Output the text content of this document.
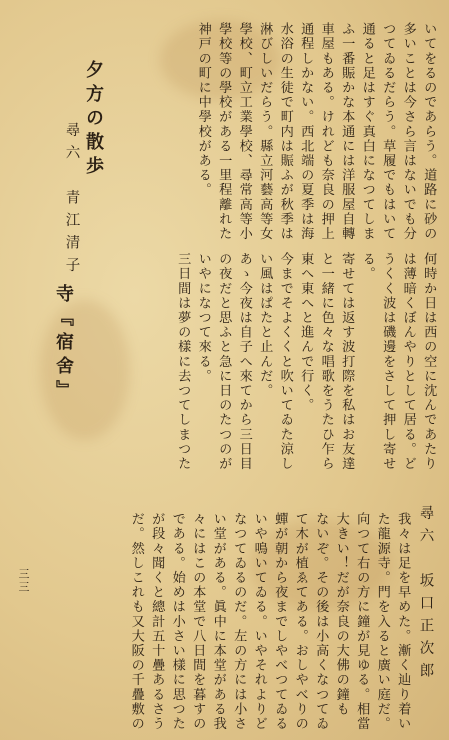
いてをるのであらう。道路に砂の
多いことは今さら言はないでも分
つてゐるだらう。草履でもはいて
通ると足はすぐ真白になつてしま
ふ一番賑かな本通には洋服屋自轉
車屋もある。けれども奈良の押上
通程しかない。西北端の夏季は海
水浴の生徒で町内は賑ふが秋季は
淋びしいだらう。縣立河藝高等女
學校、町立工業學校、尋常高等小
學校等の學校がある一里程離れた
神戸の町に中學校がある。
夕方の散歩
尋六　青江清子
何時か日は西の空に沈んであたり
は薄暗くぼんやりとして居る。ど
うくく波は磯邊をさして押し寄せ
る。
寄せては返す波打際を私はお友達
と一緒に色々な唱歌をうたひ乍ら
東へ東へと進んで行く。
今までそよくくと吹いてゐた涼し
い風はぱたと止んだ。
あゝ今夜は自子へ來てから三日目
の夜だと思ふと急に日のたつのが
いやになつて來る。
三日間は夢の樣に去つてしまつた
寺『宿舍』
尋六　坂口正次郎
我々は足を早めた。漸く辿り着い
た龍源寺。門を入ると廣い庭だ。
向つて右の方に鐘が見ゆる。相當
大きい！だが奈良の大佛の鐘も
ないぞ。その後は小高くなつてゐ
て木が植ゑてある。おしやべりの
蟬が朝から夜までしやべつてゐる
いや鳴いてゐる。いやそれよりど
なつてゐるのだ。左の方には小さ
い堂がある。眞中に本堂がある我
々にはこの本堂で八日間を暮すの
である。始めは小さい樣に思つた
が段々聞くと總計五十疊あるさう
だ。然しこれも又大阪の千疊敷の
三三
